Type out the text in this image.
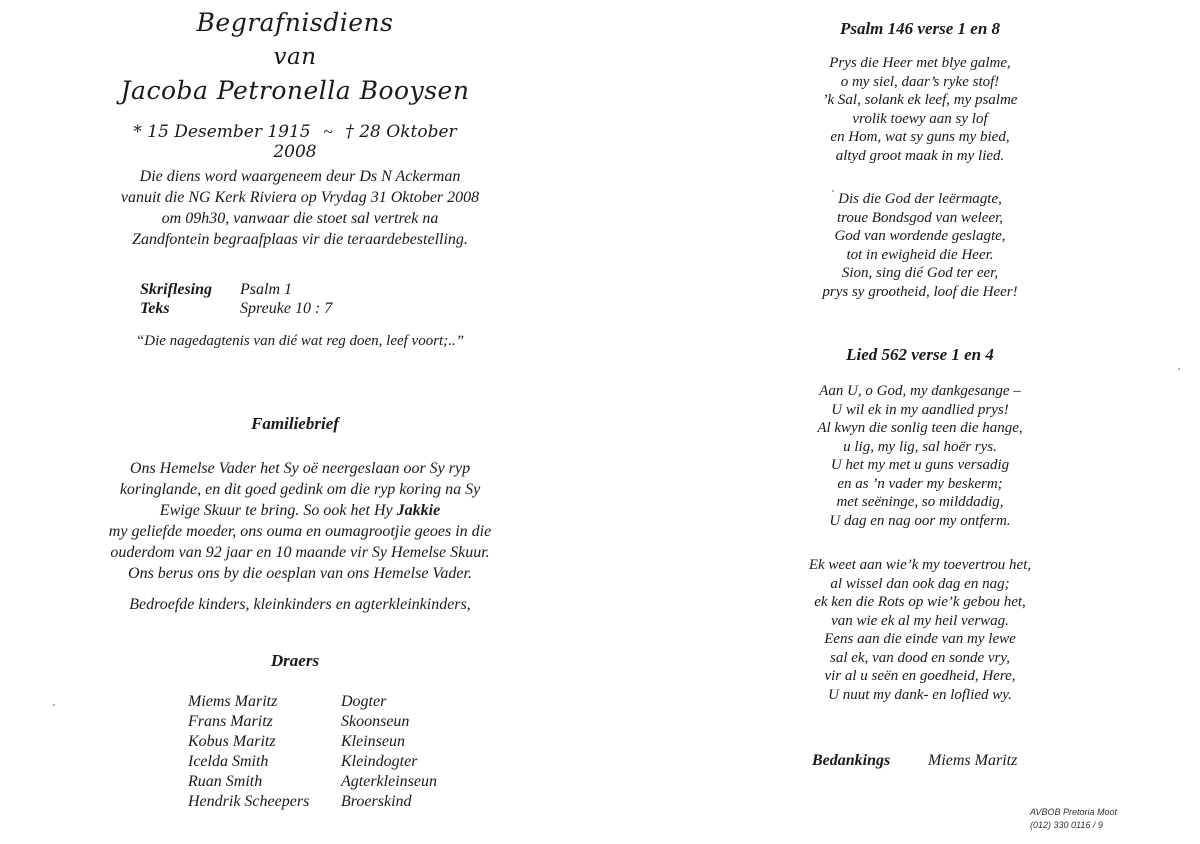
Begrafnisdiens
van
Jacoba Petronella Booysen
* 15 Desember 1915 ~ † 28 Oktober 2008
Die diens word waargeneem deur Ds N Ackerman
vanuit die NG Kerk Riviera op Vrydag 31 Oktober 2008
om 09h30, vanwaar die stoet sal vertrek na
Zandfontein begraafplaas vir die teraardebestelling.
Skriflesing	Psalm 1
Teks	Spreuke 10 : 7
“Die nagedagtenis van dié wat reg doen, leef voort;..”
Familiebrief
Ons Hemelse Vader het Sy oë neergeslaan oor Sy ryp
koringlande, en dit goed gedink om die ryp koring na Sy
Ewige Skuur te bring. So ook het Hy Jakkie
my geliefde moeder, ons ouma en oumagrootjie geoes in die
ouderdom van 92 jaar en 10 maande vir Sy Hemelse Skuur.
Ons berus ons by die oesplan van ons Hemelse Vader.
Bedroefde kinders, kleinkinders en agterkleinkinders,
Draers
Miems Maritz	Dogter
Frans Maritz	Skoonseun
Kobus Maritz	Kleinseun
Icelda Smith	Kleindogter
Ruan Smith	Agterkleinseun
Hendrik Scheepers	Broerskind
Psalm 146 verse 1 en 8
Prys die Heer met blye galme,
o my siel, daar’s ryke stof!
’k Sal, solank ek leef, my psalme
vrolik toewy aan sy lof
en Hom, wat sy guns my bied,
altyd groot maak in my lied.
Dis die God der leërmagte,
troue Bondsgod van weleer,
God van wordende geslagte,
tot in ewigheid die Heer.
Sion, sing dié God ter eer,
prys sy grootheid, loof die Heer!
Lied 562 verse 1 en 4
Aan U, o God, my dankgesange –
U wil ek in my aandlied prys!
Al kwyn die sonlig teen die hange,
u lig, my lig, sal hoër rys.
U het my met u guns versadig
en as ’n vader my beskerm;
met seëninge, so milddadig,
U dag en nag oor my ontferm.
Ek weet aan wie’k my toevertrou het,
al wissel dan ook dag en nag;
ek ken die Rots op wie’k gebou het,
van wie ek al my heil verwag.
Eens aan die einde van my lewe
sal ek, van dood en sonde vry,
vir al u seën en goedheid, Here,
U nuut my dank- en loflied wy.
Bedankings	Miems Maritz
AVBOB Pretoria Moot
(012) 330 0116 / 9
